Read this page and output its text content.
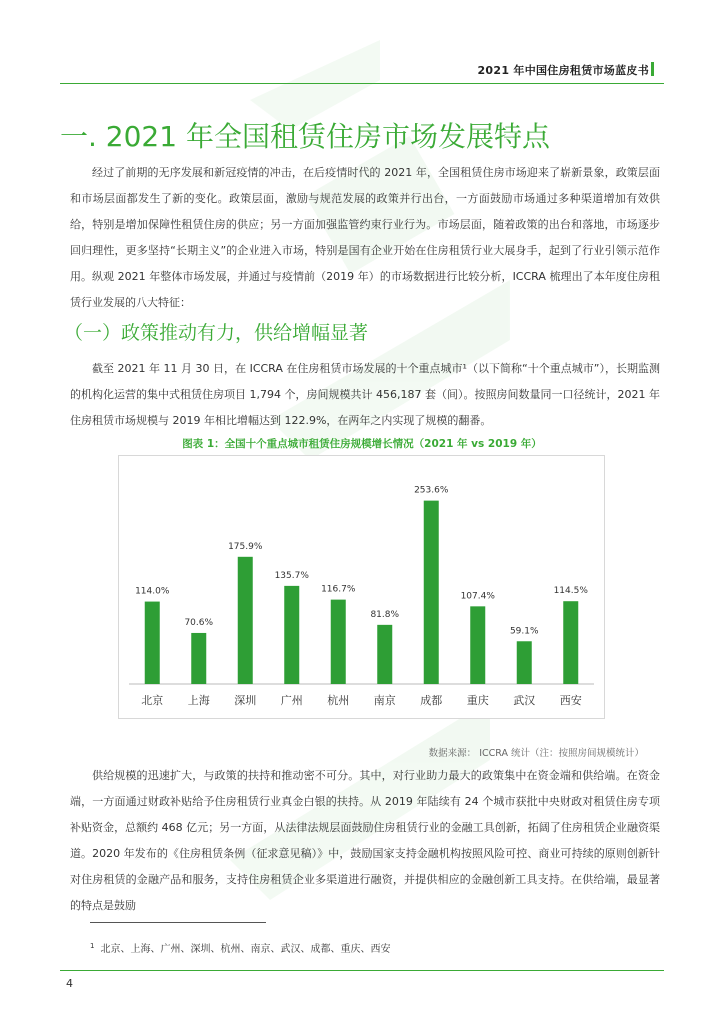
2021 年中国住房租赁市场蓝皮书
一. 2021 年全国租赁住房市场发展特点
经过了前期的无序发展和新冠疫情的冲击，在后疫情时代的 2021 年，全国租赁住房市场迎来了崭新景象，政策层面和市场层面都发生了新的变化。政策层面，激励与规范发展的政策并行出台，一方面鼓励市场通过多种渠道增加有效供给，特别是增加保障性租赁住房的供应；另一方面加强监管约束行业行为。市场层面，随着政策的出台和落地，市场逐步回归理性，更多坚持“长期主义”的企业进入市场，特别是国有企业开始在住房租赁行业大展身手，起到了行业引领示范作用。 纵观 2021 年整体市场发展，并通过与疫情前（2019 年）的市场数据进行比较分析，ICCRA 梳理出了本年度住房租赁行业发展的八大特征：
（一）政策推动有力，供给增幅显著
截至 2021 年 11 月 30 日，在 ICCRA 在住房租赁市场发展的十个重点城市¹（以下简称“十个重点城市”），长期监测的机构化运营的集中式租赁住房项目 1,794 个，房间规模共计 456,187 套（间）。按照房间数量同一口径统计，2021 年住房租赁市场规模与 2019 年相比增幅达到 122.9%，在两年之内实现了规模的翻番。
图表 1：全国十个重点城市租赁住房规模增长情况（2021 年 vs 2019 年）
114.0%
北京
70.6%
上海
175.9%
深圳
135.7%
广州
116.7%
杭州
81.8%
南京
253.6%
成都
107.4%
重庆
59.1%
武汉
114.5%
西安
数据来源： ICCRA 统计（注：按照房间规模统计）
供给规模的迅速扩大，与政策的扶持和推动密不可分。其中，对行业助力最大的政策集中在资金端和供给端。在资金端，一方面通过财政补贴给予住房租赁行业真金白银的扶持。从 2019 年陆续有 24 个城市获批中央财政对租赁住房专项补贴资金，总额约 468 亿元；另一方面，从法律法规层面鼓励住房租赁行业的金融工具创新，拓阔了住房租赁企业融资渠道。2020 年发布的《住房租赁条例（征求意见稿）》中，鼓励国家支持金融机构按照风险可控、商业可持续的原则创新针对住房租赁的金融产品和服务，支持住房租赁企业多渠道进行融资，并提供相应的金融创新工具支持。在供给端，最显著的特点是鼓励
$^1$ 北京、上海、广州、深圳、杭州、南京、武汉、成都、重庆、西安
4
